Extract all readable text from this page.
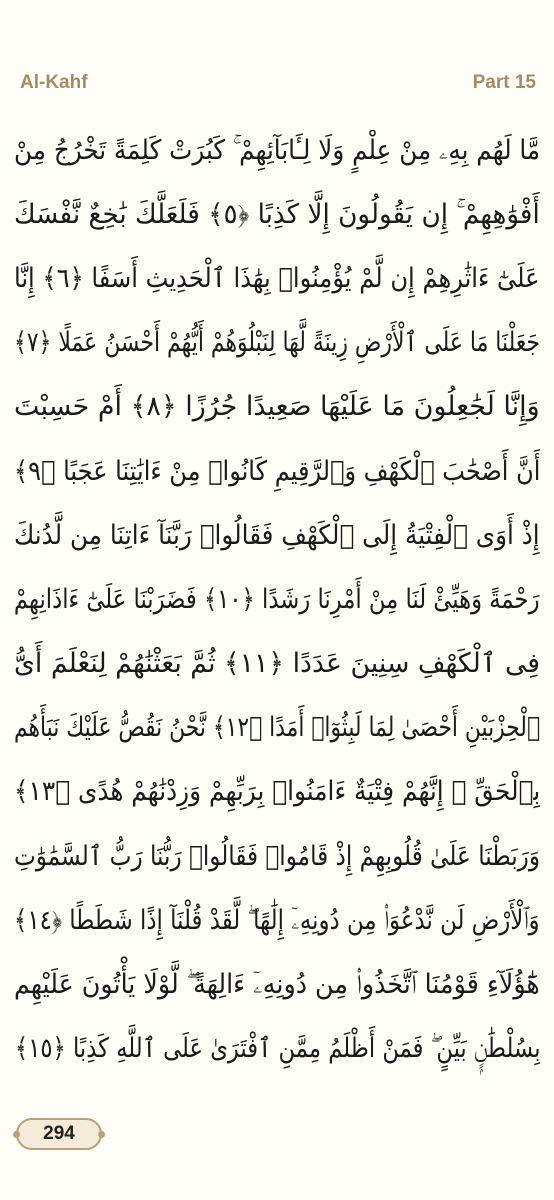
Al-Kahf	Part 15
مَّا لَهُم بِهِۦ مِنْ عِلْمٍ وَلَا لِـَٔابَآئِهِمْ ۚ كَبُرَتْ كَلِمَةً تَخْرُجُ مِنْ
أَفْوَٰهِهِمْ ۚ إِن يَقُولُونَ إِلَّا كَذِبًا ﴿٥﴾ فَلَعَلَّكَ بَٰخِعٌ نَّفْسَكَ
عَلَىٰٓ ءَاثَٰرِهِمْ إِن لَّمْ يُؤْمِنُوا۟ بِهَٰذَا ٱلْحَدِيثِ أَسَفًا ﴿٦﴾ إِنَّا
جَعَلْنَا مَا عَلَى ٱلْأَرْضِ زِينَةً لَّهَا لِنَبْلُوَهُمْ أَيُّهُمْ أَحْسَنُ عَمَلًا ﴿٧﴾
وَإِنَّا لَجَٰعِلُونَ مَا عَلَيْهَا صَعِيدًا جُرُزًا ﴿٨﴾ أَمْ حَسِبْتَ
أَنَّ أَصْحَٰبَ ٱلْكَهْفِ وَٱلرَّقِيمِ كَانُوا۟ مِنْ ءَايَٰتِنَا عَجَبًا ﴿٩﴾
إِذْ أَوَى ٱلْفِتْيَةُ إِلَى ٱلْكَهْفِ فَقَالُوا۟ رَبَّنَآ ءَاتِنَا مِن لَّدُنكَ
رَحْمَةً وَهَيِّئْ لَنَا مِنْ أَمْرِنَا رَشَدًا ﴿١٠﴾ فَضَرَبْنَا عَلَىٰٓ ءَاذَانِهِمْ
فِى ٱلْكَهْفِ سِنِينَ عَدَدًا ﴿١١﴾ ثُمَّ بَعَثْنَٰهُمْ لِنَعْلَمَ أَىُّ
ٱلْحِزْبَيْنِ أَحْصَىٰ لِمَا لَبِثُوٓا۟ أَمَدًا ﴿١٢﴾ نَّحْنُ نَقُصُّ عَلَيْكَ نَبَأَهُم
بِٱلْحَقِّ ۚ إِنَّهُمْ فِتْيَةٌ ءَامَنُوا۟ بِرَبِّهِمْ وَزِدْنَٰهُمْ هُدًى ﴿١٣﴾
وَرَبَطْنَا عَلَىٰ قُلُوبِهِمْ إِذْ قَامُوا۟ فَقَالُوا۟ رَبُّنَا رَبُّ ٱلسَّمَٰوَٰتِ
وَٱلْأَرْضِ لَن نَّدْعُوَا۟ مِن دُونِهِۦٓ إِلَٰهًا ۖ لَّقَدْ قُلْنَآ إِذًا شَطَطًا ﴿١٤﴾
هَٰٓؤُلَآءِ قَوْمُنَا ٱتَّخَذُوا۟ مِن دُونِهِۦٓ ءَالِهَةً ۖ لَّوْلَا يَأْتُونَ عَلَيْهِم
بِسُلْطَٰنٍۭ بَيِّنٍ ۖ فَمَنْ أَظْلَمُ مِمَّنِ ٱفْتَرَىٰ عَلَى ٱللَّهِ كَذِبًا ﴿١٥﴾
294
